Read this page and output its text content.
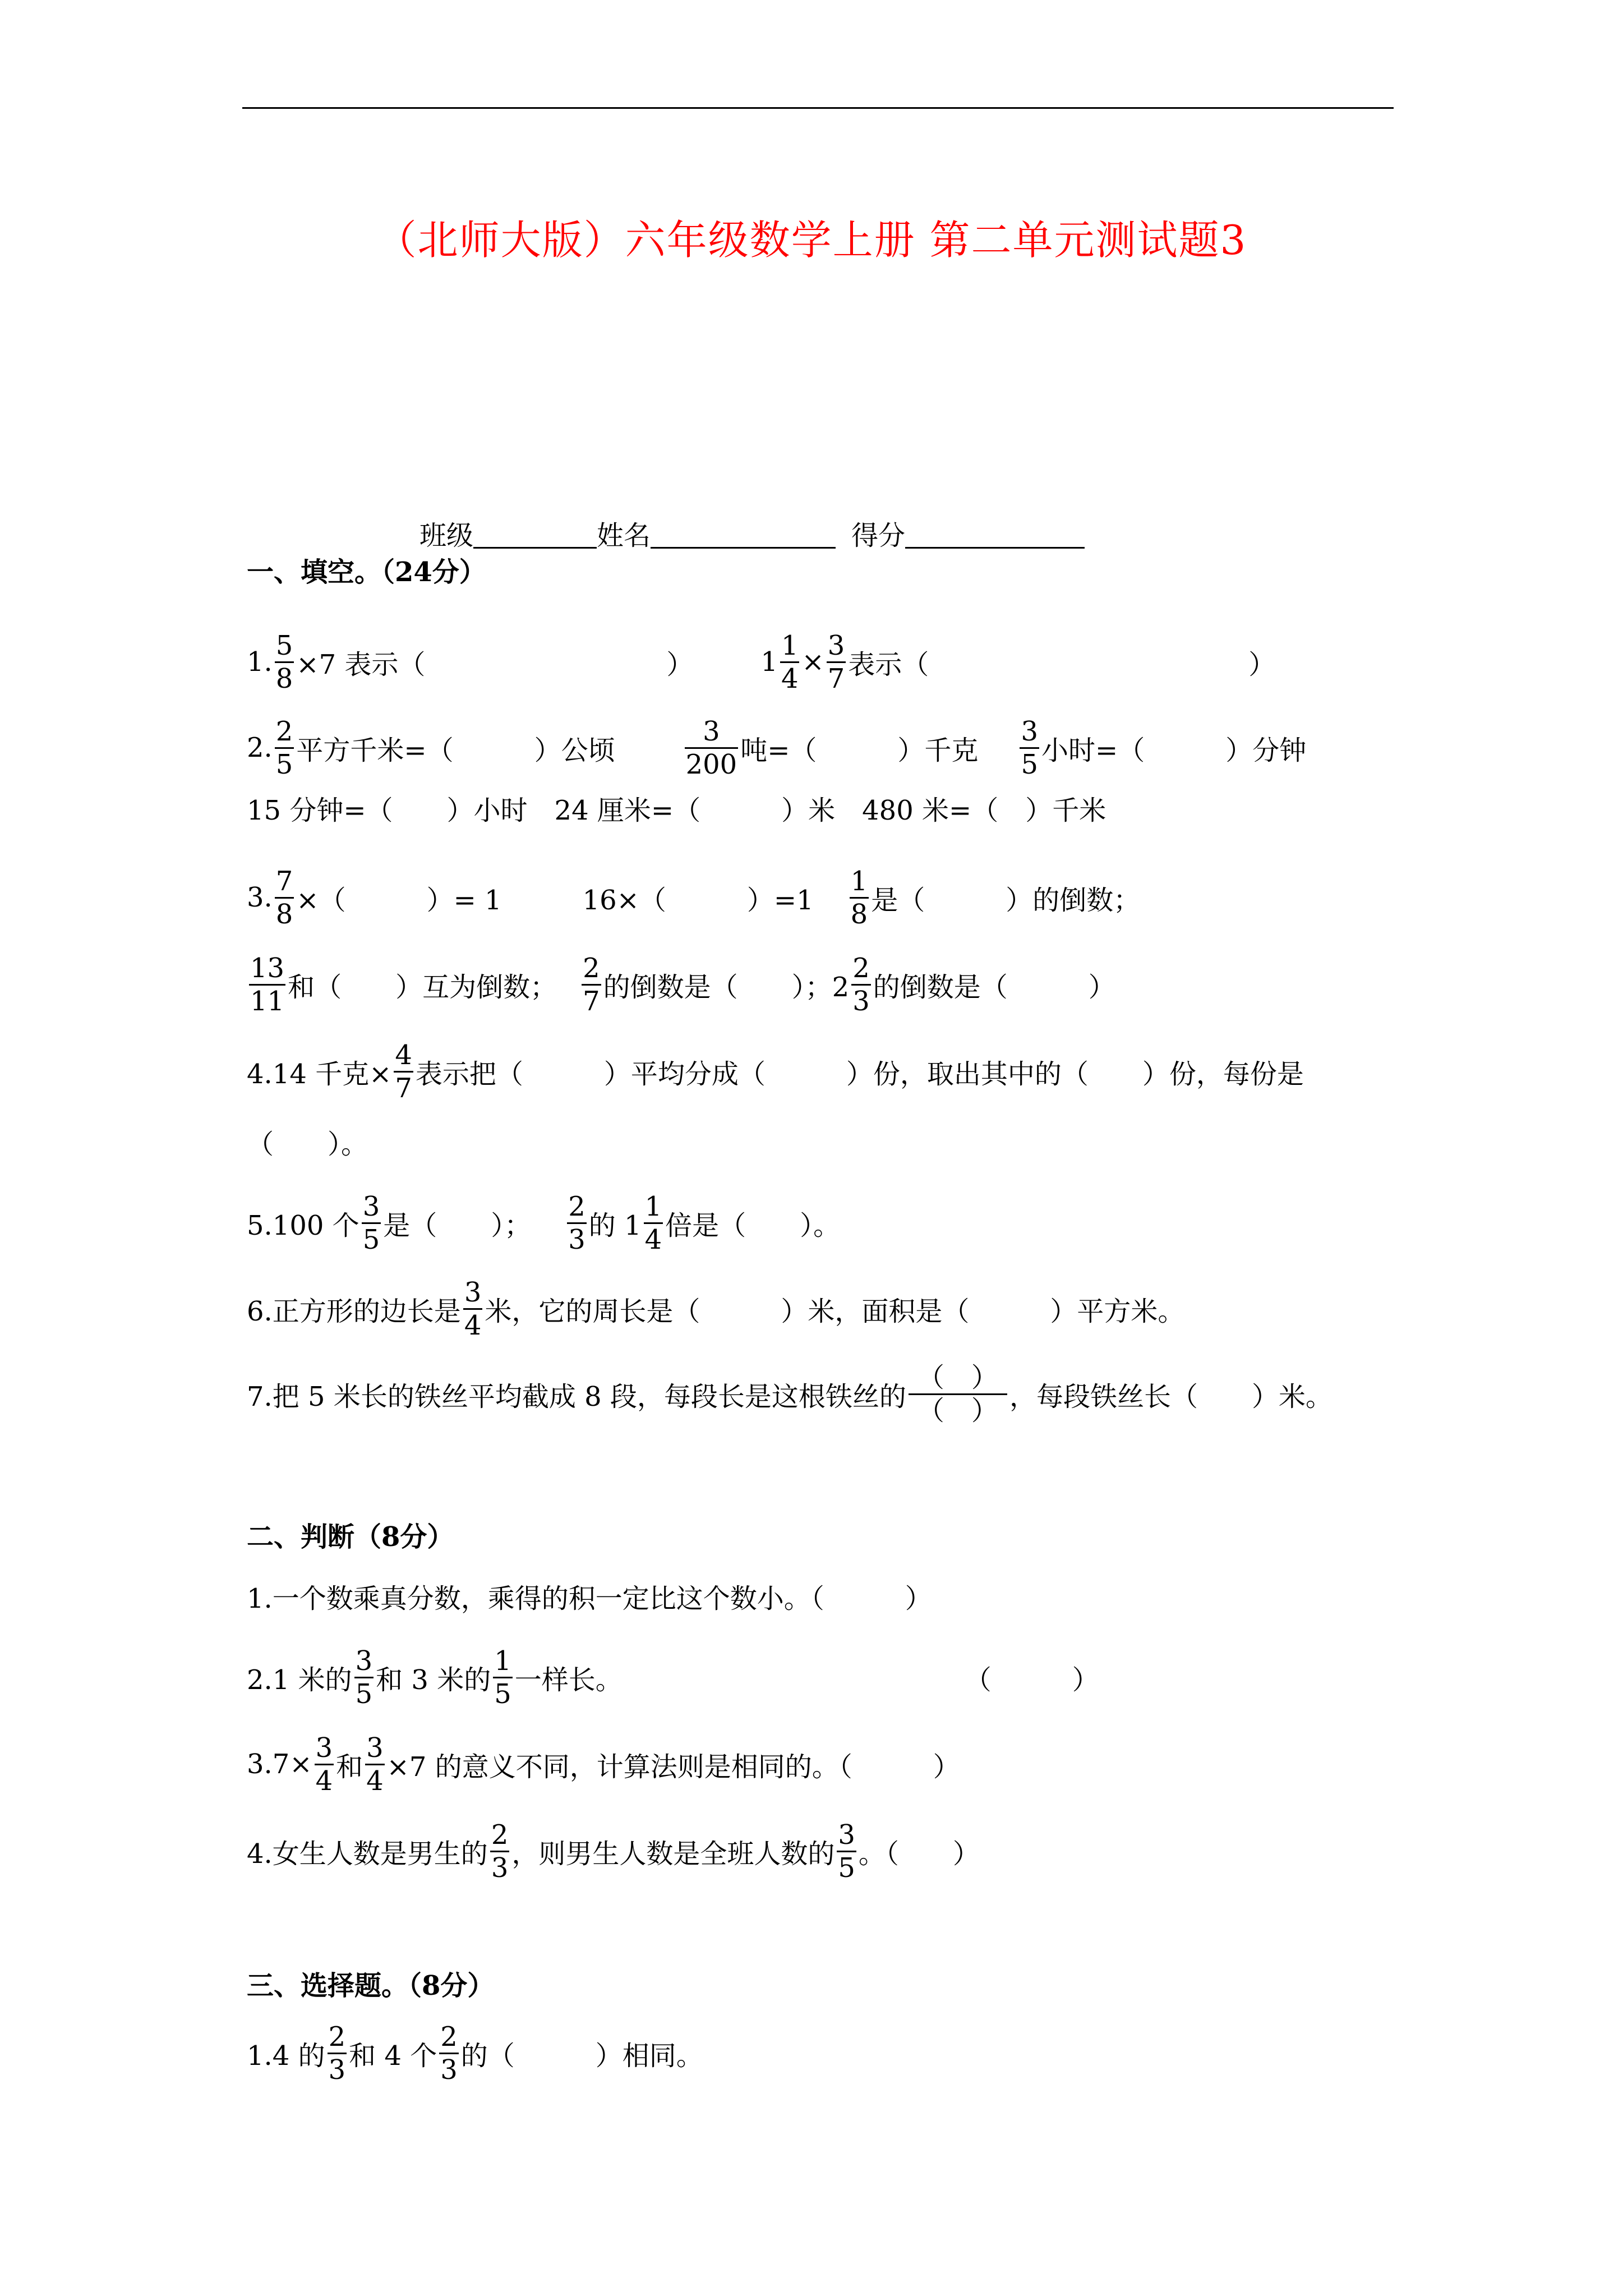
（北师大版）六年级数学上册 第二单元测试题3
班级	姓名	得分
一、填空。（24分）
1. $\frac{5}{8} \times 7$ 表示（	）	$1 \frac{1}{4} \times \frac{3}{7}$ 表示（	）
2. $\frac{2}{5}$ 平方千米=（　　　）公顷	$\frac{3}{200}$ 吨=（　　　）千克 $\frac{3}{5}$ 小时=（　　　）分钟
15 分钟=（　　）小时　24 厘米=（　　　）米　480 米=（　）千米
3. $\frac{7}{8}$ ×（　　　）= 1　　　16×（　　　）$=1 \frac{1}{8}$ 是（　　　）的倒数；
$\frac{13}{11}$ 和（　　）互为倒数； $\frac{2}{7}$ 的倒数是（　　）；$2 \frac{2}{3}$ 的倒数是（　　　）
4.14 千克× $\frac{4}{7}$ 表示把（　　　）平均分成（　　　）份，取出其中的（　　）份，每份是
（　　）。
5.100 个 $\frac{3}{5}$ 是（　　）； $\frac{2}{3}$ 的 $1 \frac{1}{4}$ 倍是（　　）。
6.正方形的边长是 $\frac{3}{4}$ 米，它的周长是（　　　）米，面积是（　　　）平方米。
7.把 5 米长的铁丝平均截成 8 段，每段长是这根铁丝的 $\frac{( )}{( )}$ ，每段铁丝长（　　）米。
二、判断（8分）
1.一个数乘真分数，乘得的积一定比这个数小。（　　　）
2.1 米的 $\frac{3}{5}$ 和 3 米的 $\frac{1}{5}$ 一样长。	（　　　）
$3.7\times \frac{3}{4}$ 和 $\frac{3}{4} \times 7$ 的意义不同，计算法则是相同的。（　　　）
4.女生人数是男生的 $\frac{2}{3}$ ，则男生人数是全班人数的 $\frac{3}{5}$ 。（　　）
三、选择题。（8分）
1.4 的 $\frac{2}{3}$ 和 4 个 $\frac{2}{3}$ 的（　　　）相同。
